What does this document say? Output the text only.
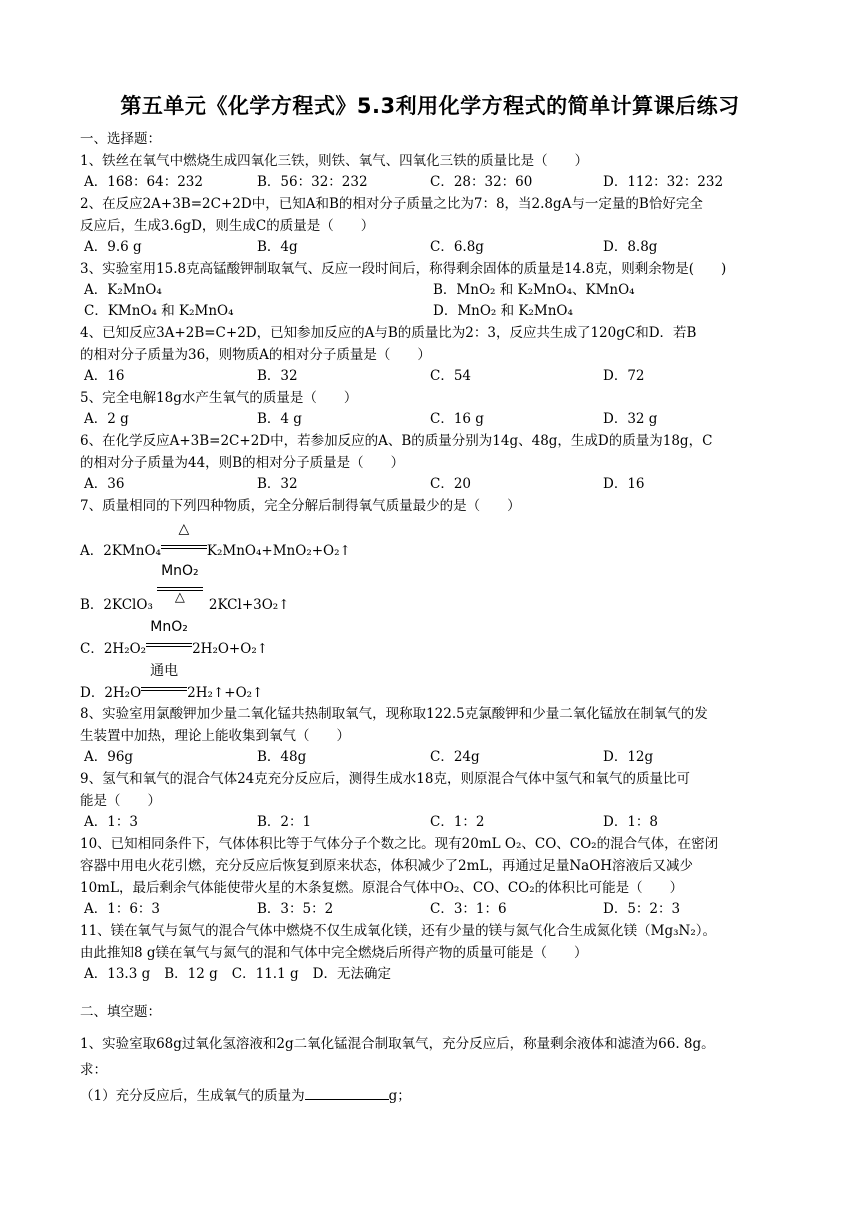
第五单元《化学方程式》5.3利用化学方程式的简单计算课后练习
一、选择题：
1、铁丝在氧气中燃烧生成四氧化三铁，则铁、氧气、四氧化三铁的质量比是（　　）
A．168：64：232	B．56：32：232	C．28：32：60	D．112：32：232
2、在反应2A+3B=2C+2D中，已知A和B的相对分子质量之比为7：8，当2.8gA与一定量的B恰好完全
反应后，生成3.6gD，则生成C的质量是（　　）
A．9.6 g	B．4g	C．6.8g	D．8.8g
3、实验室用15.8克高锰酸钾制取氧气、反应一段时间后，称得剩余固体的质量是14.8克，则剩余物是(　　)
A．K₂MnO₄	B．MnO₂ 和 K₂MnO₄、KMnO₄
C．KMnO₄ 和 K₂MnO₄	D．MnO₂ 和 K₂MnO₄
4、已知反应3A+2B=C+2D，已知参加反应的A与B的质量比为2：3，反应共生成了120gC和D．若B
的相对分子质量为36，则物质A的相对分子质量是（　　）
A．16	B．32	C．54	D．72
5、完全电解18g水产生氧气的质量是（　　）
A．2 g	B．4 g	C．16 g	D．32 g
6、在化学反应A+3B=2C+2D中，若参加反应的A、B的质量分别为14g、48g，生成D的质量为18g，C
的相对分子质量为44，则B的相对分子质量是（　　）
A．36	B．32	C．20	D．16
7、质量相同的下列四种物质，完全分解后制得氧气质量最少的是（　　）
A．2KMnO₄
△
K₂MnO₄+MnO₂+O₂↑
B．2KClO₃
MnO₂
△	2KCl+3O₂↑
C．2H₂O₂
MnO₂
2H₂O+O₂↑
D．2H₂O
通电
2H₂↑+O₂↑
8、实验室用氯酸钾加少量二氧化锰共热制取氧气，现称取122.5克氯酸钾和少量二氧化锰放在制氧气的发
生装置中加热，理论上能收集到氧气（　　）
A．96g	B．48g	C．24g	D．12g
9、氢气和氧气的混合气体24克充分反应后，测得生成水18克，则原混合气体中氢气和氧气的质量比可
能是（　　）
A．1：3	B．2：1	C．1：2	D．1：8
10、已知相同条件下，气体体积比等于气体分子个数之比。现有20mL O₂、CO、CO₂的混合气体，在密闭
容器中用电火花引燃，充分反应后恢复到原来状态，体积减少了2mL，再通过足量NaOH溶液后又减少
10mL，最后剩余气体能使带火星的木条复燃。原混合气体中O₂、CO、CO₂的体积比可能是（　　）
A．1：6：3	B．3：5：2	C．3：1：6	D．5：2：3
11、镁在氧气与氮气的混合气体中燃烧不仅生成氧化镁，还有少量的镁与氮气化合生成氮化镁（Mg₃N₂）。
由此推知8 g镁在氧气与氮气的混和气体中完全燃烧后所得产物的质量可能是（　　）
A．13.3 g B．12 g C．11.1 g D．无法确定
二、填空题：
1、实验室取68g过氧化氢溶液和2g二氧化锰混合制取氧气，充分反应后，称量剩余液体和滤渣为66. 8g。
求：
（1）充分反应后，生成氧气的质量为	g；
